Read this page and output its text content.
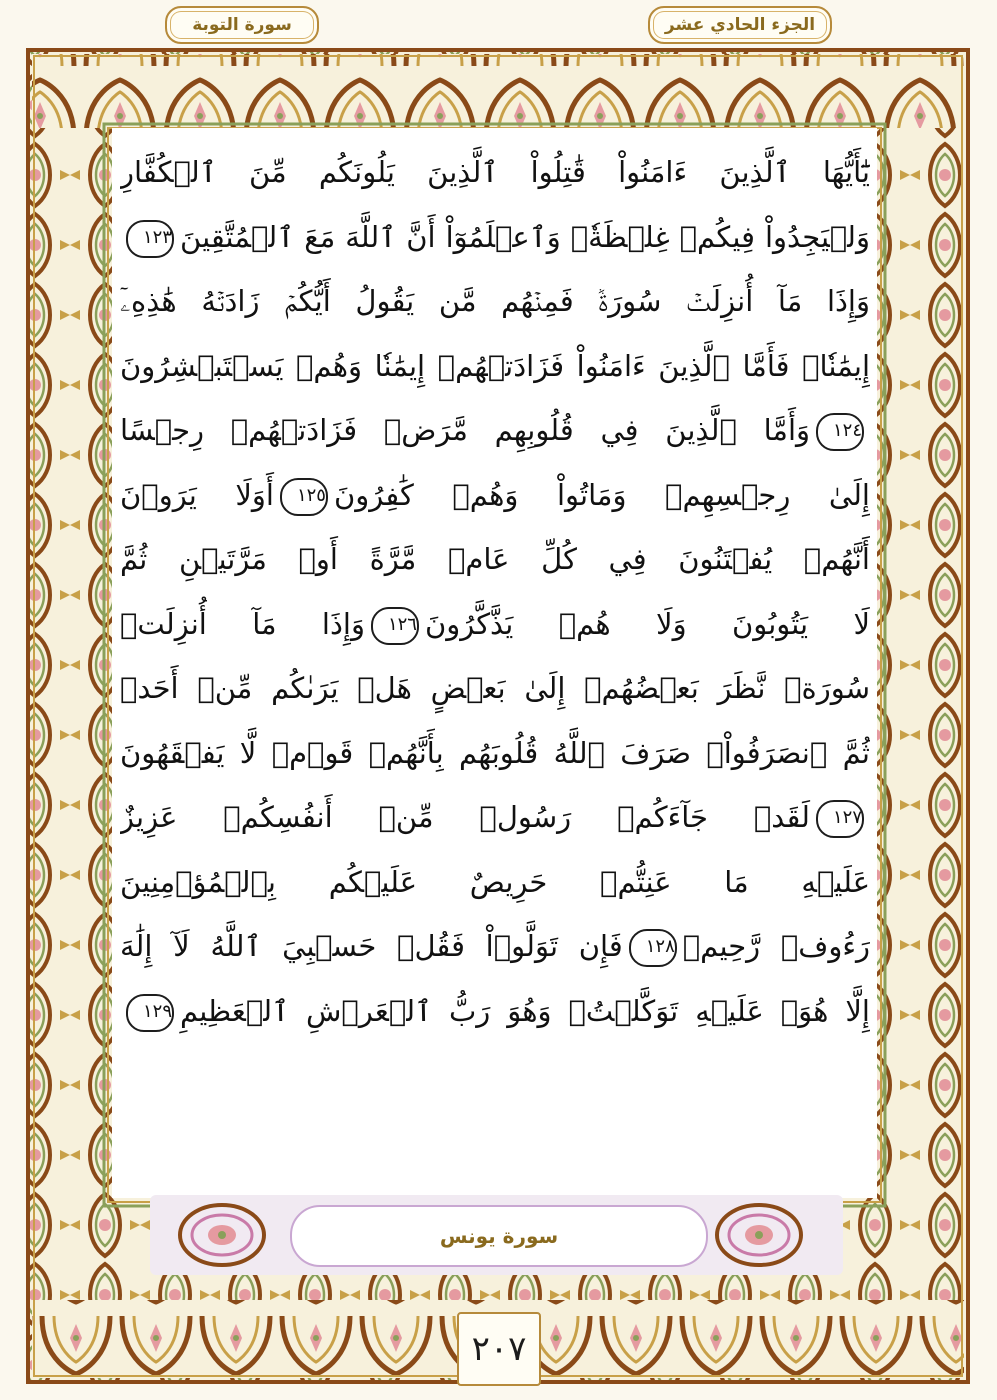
الجزء الحادي عشر
سورة التوبة
يَٰٓأَيُّهَا ٱلَّذِينَ ءَامَنُواْ قَٰتِلُواْ ٱلَّذِينَ يَلُونَكُم مِّنَ ٱلۡكُفَّارِ
وَلۡيَجِدُواْ فِيكُمۡ غِلۡظَةٗۚ وَٱعۡلَمُوٓاْ أَنَّ ٱللَّهَ مَعَ ٱلۡمُتَّقِينَ١٢٣
وَإِذَا مَآ أُنزِلَتۡ سُورَةٞ فَمِنۡهُم مَّن يَقُولُ أَيُّكُمۡ زَادَتۡهُ هَٰذِهِۦٓ
إِيمَٰنٗاۚ فَأَمَّا ٱلَّذِينَ ءَامَنُواْ فَزَادَتۡهُمۡ إِيمَٰنٗا وَهُمۡ يَسۡتَبۡشِرُونَ
١٢٤وَأَمَّا ٱلَّذِينَ فِي قُلُوبِهِم مَّرَضٞ فَزَادَتۡهُمۡ رِجۡسًا
إِلَىٰ رِجۡسِهِمۡ وَمَاتُواْ وَهُمۡ كَٰفِرُونَ١٢٥أَوَلَا يَرَوۡنَ
أَنَّهُمۡ يُفۡتَنُونَ فِي كُلِّ عَامٖ مَّرَّةً أَوۡ مَرَّتَيۡنِ ثُمَّ
لَا يَتُوبُونَ وَلَا هُمۡ يَذَّكَّرُونَ١٢٦وَإِذَا مَآ أُنزِلَتۡ
سُورَةٞ نَّظَرَ بَعۡضُهُمۡ إِلَىٰ بَعۡضٍ هَلۡ يَرَىٰكُم مِّنۡ أَحَدٖ
ثُمَّ ٱنصَرَفُواْۚ صَرَفَ ٱللَّهُ قُلُوبَهُم بِأَنَّهُمۡ قَوۡمٞ لَّا يَفۡقَهُونَ
١٢٧لَقَدۡ جَآءَكُمۡ رَسُولٞ مِّنۡ أَنفُسِكُمۡ عَزِيزٌ
عَلَيۡهِ مَا عَنِتُّمۡ حَرِيصٌ عَلَيۡكُم بِٱلۡمُؤۡمِنِينَ
رَءُوفٞ رَّحِيمٞ١٢٨فَإِن تَوَلَّوۡاْ فَقُلۡ حَسۡبِيَ ٱللَّهُ لَآ إِلَٰهَ
إِلَّا هُوَۖ عَلَيۡهِ تَوَكَّلۡتُۖ وَهُوَ رَبُّ ٱلۡعَرۡشِ ٱلۡعَظِيمِ١٢٩
سورة يونس
٢٠٧
